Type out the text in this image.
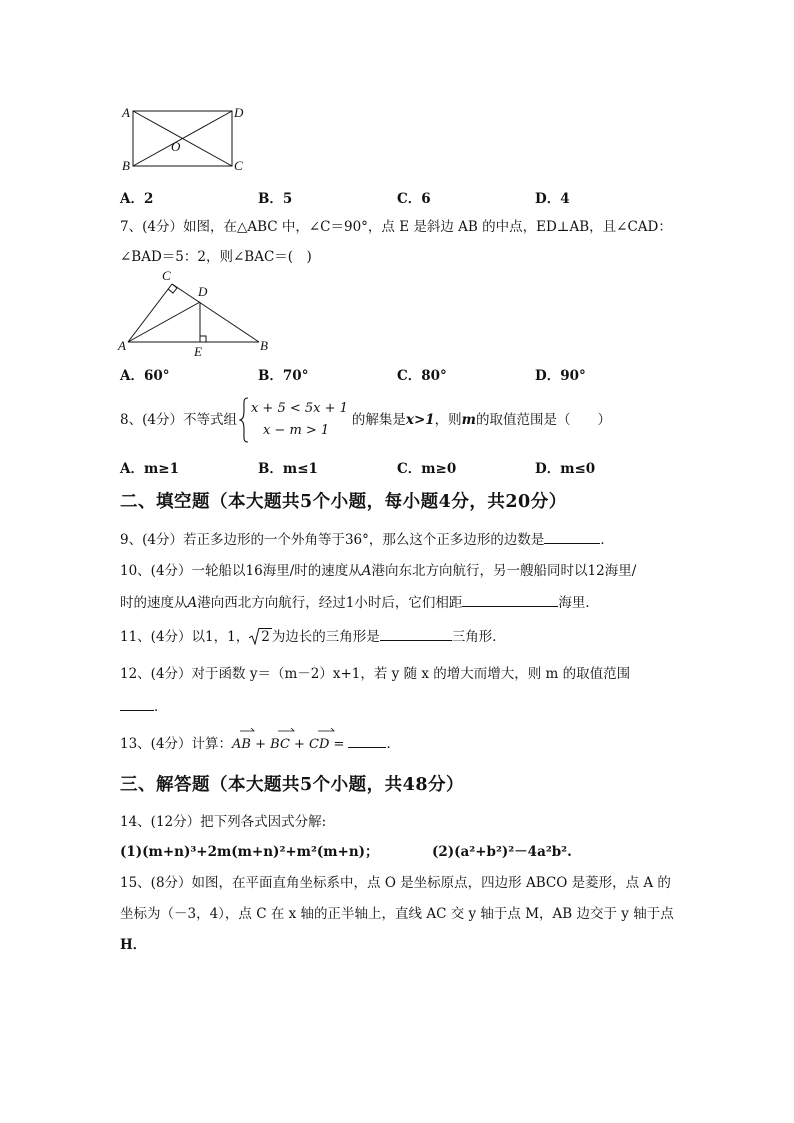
A	D
B	C
O
A．2	B．5	C．6	D．4
7、(4分）如图，在△ABC 中，∠C＝90°，点 E 是斜边 AB 的中点，ED⊥AB，且∠CAD：
∠BAD＝5：2，则∠BAC＝(　)
C
D
A	E	B
A．60°	B．70°	C．80°	D．90°
8、(4分）不等式组
x + 5 < 5x + 1
x − m > 1
的解集是 x>1 ，则 m 的取值范围是（　　）
A．m≥1	B．m≤1	C．m≥0	D．m≤0
二、填空题（本大题共5个小题，每小题4分，共20分）
9、(4分）若正多边形的一个外角等于36°，那么这个正多边形的边数是	．
10、(4分）一轮船以16海里/时的速度从A港向东北方向航行，另一艘船同时以12海里/
时的速度从A港向西北方向航行，经过1小时后，它们相距	海里．
11、(4分）以1，1， 2 为边长的三角形是	三角形．
12、(4分）对于函数 y＝（m－2）x+1，若 y 随 x 的增大而增大，则 m 的取值范围
．
13、(4分）计算：AB + BC + CD =	．
三、解答题（本大题共5个小题，共48分）
14、(12分）把下列各式因式分解:
(1)(m+n)³+2m(m+n)²+m²(m+n)；	(2)(a²+b²)²－4a²b².
15、(8分）如图，在平面直角坐标系中，点 O 是坐标原点，四边形 ABCO 是菱形，点 A 的
坐标为（－3，4），点 C 在 x 轴的正半轴上，直线 AC 交 y 轴于点 M，AB 边交于 y 轴于点
H．
